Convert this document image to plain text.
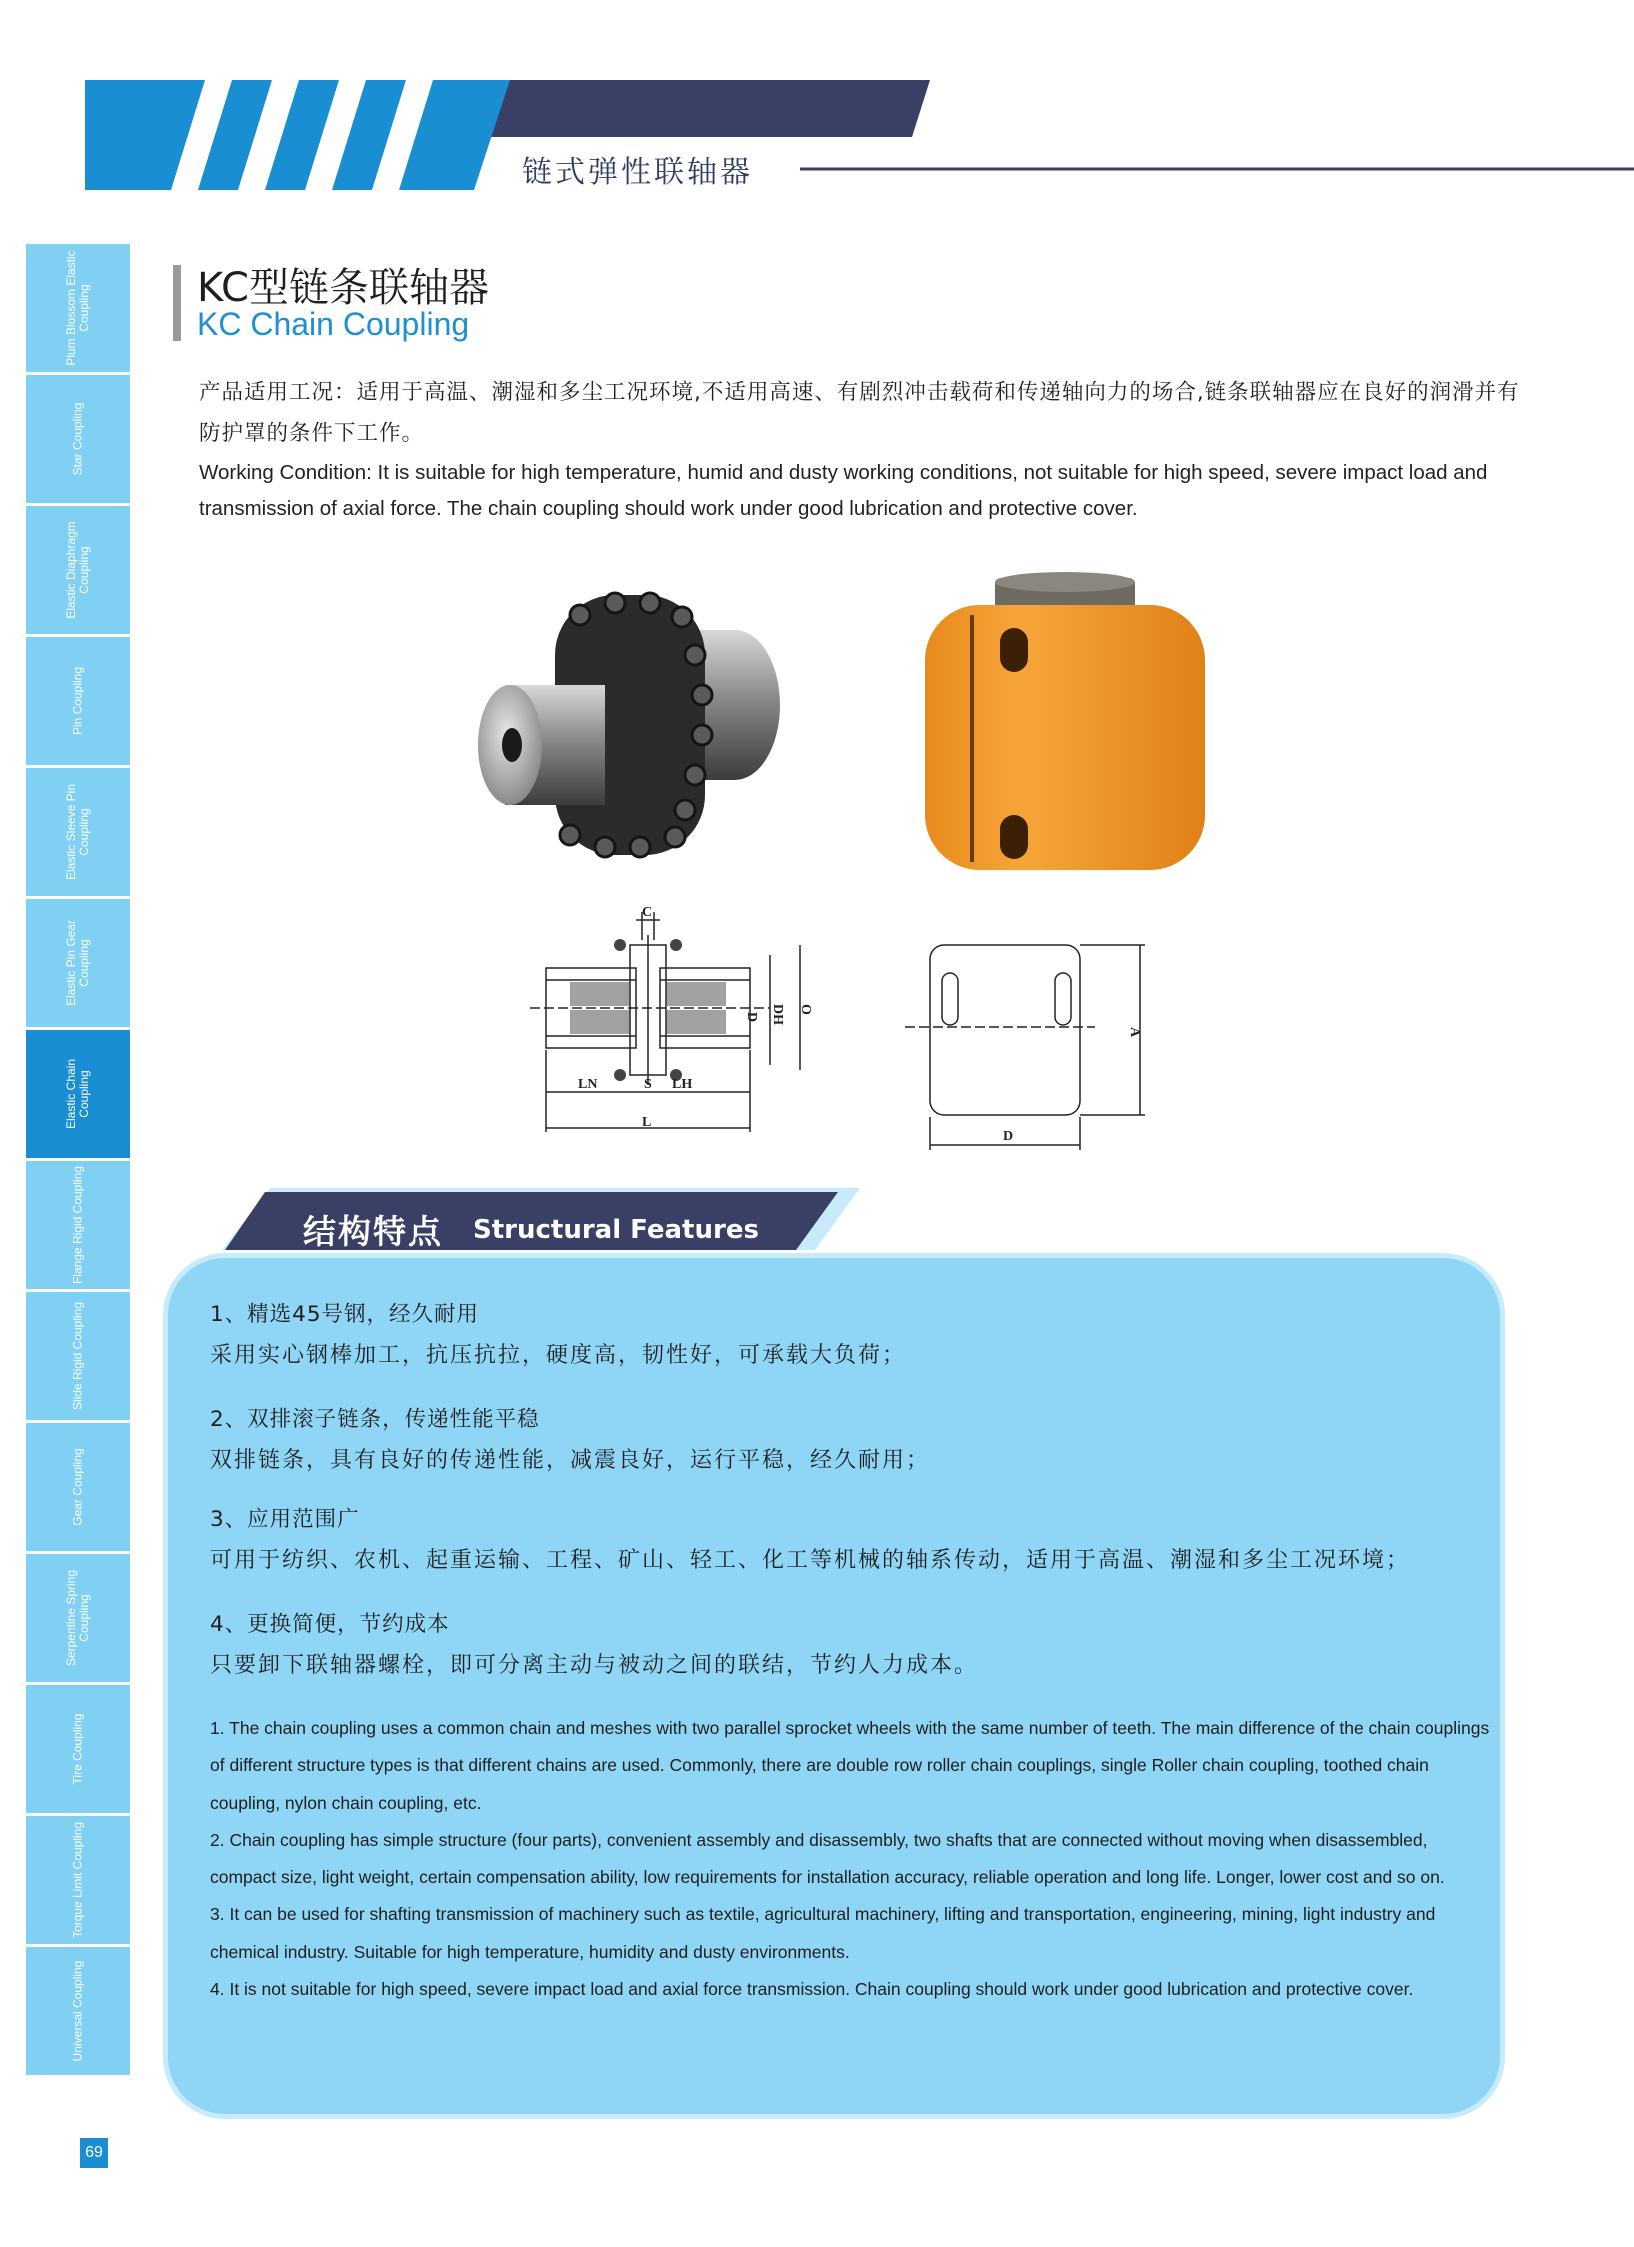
链式弹性联轴器
Plum Blossom Elastic Coupling
Star Coupling
Elastic Diaphragm Coupling
Pin Coupling
Elastic Sleeve Pin Coupling
Elastic Pin Gear Coupling
Elastic Chain Coupling
Flange Rigid Coupling
Slide Rigid Coupling
Gear Coupling
Serpentine Spring Coupling
Tire Coupling
Torque Limit Coupling
Universal Coupling
69
KC型链条联轴器
KC Chain Coupling
产品适用工况：适用于高温、潮湿和多尘工况环境,不适用高速、有剧烈冲击载荷和传递轴向力的场合,链条联轴器应在良好的润滑并有防护罩的条件下工作。
Working Condition: It is suitable for high temperature, humid and dusty working conditions, not suitable for high speed, severe impact load and transmission of axial force. The chain coupling should work under good lubrication and protective cover.
C
D DH O
LN	S LH
L
A
D
结构特点 Structural Features
1、精选45号钢，经久耐用
采用实心钢棒加工，抗压抗拉，硬度高，韧性好，可承载大负荷；
2、双排滚子链条，传递性能平稳
双排链条，具有良好的传递性能，减震良好，运行平稳，经久耐用；
3、应用范围广
可用于纺织、农机、起重运输、工程、矿山、轻工、化工等机械的轴系传动，适用于高温、潮湿和多尘工况环境；
4、更换简便，节约成本
只要卸下联轴器螺栓，即可分离主动与被动之间的联结，节约人力成本。

1. The chain coupling uses a common chain and meshes with two parallel sprocket wheels with the same number of teeth. The main difference of the chain couplings of different structure types is that different chains are used. Commonly, there are double row roller chain couplings, single Roller chain coupling, toothed chain coupling, nylon chain coupling, etc.

2. Chain coupling has simple structure (four parts), convenient assembly and disassembly, two shafts that are connected without moving when disassembled, compact size, light weight, certain compensation ability, low requirements for installation accuracy, reliable operation and long life. Longer, lower cost and so on.

3. It can be used for shafting transmission of machinery such as textile, agricultural machinery, lifting and transportation, engineering, mining, light industry and chemical industry. Suitable for high temperature, humidity and dusty environments.

4. It is not suitable for high speed, severe impact load and axial force transmission. Chain coupling should work under good lubrication and protective cover.
